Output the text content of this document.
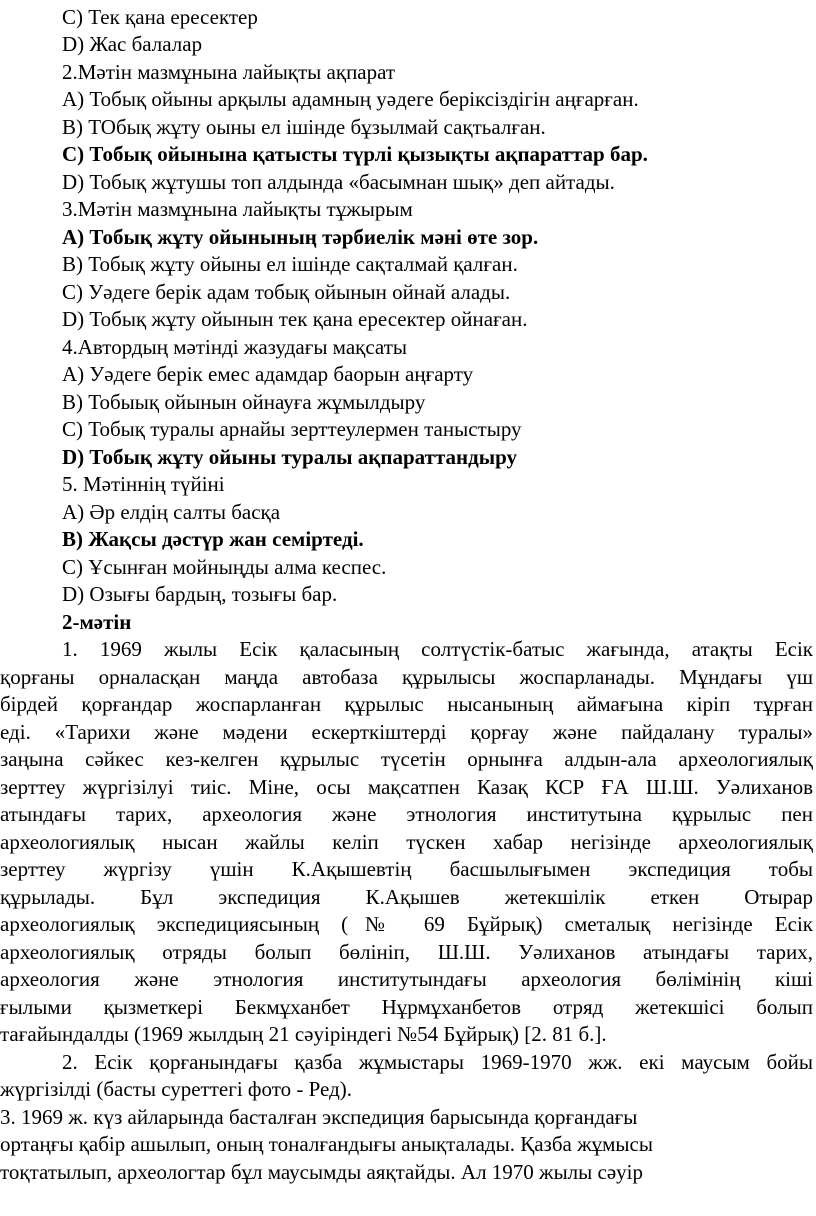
C) Тек қана ересектер
D) Жас балалар
2.Мәтін мазмұнына лайықты ақпарат
A) Тобық ойыны арқылы адамның уәдеге беріксіздігін аңғарған.
B) ТОбық жұту оыны ел ішінде бұзылмай сақтьалған.
C) Тобық ойынына қатысты түрлі қызықты ақпараттар бар.
D) Тобық жұтушы топ алдында «басымнан шық» деп айтады.
3.Мәтін мазмұнына лайықты тұжырым
A) Тобық жұту ойынының тәрбиелік мәні өте зор.
B) Тобық жұту ойыны ел ішінде сақталмай қалған.
C) Уәдеге берік адам тобық ойынын ойнай алады.
D) Тобық жұту ойынын тек қана ересектер ойнаған.
4.Автордың мәтінді жазудағы мақсаты
A) Уәдеге берік емес адамдар баорын аңғарту
B) Тобыық ойынын ойнауға жұмылдыру
C) Тобық туралы арнайы зерттеулермен таныстыру
D) Тобық жұту ойыны туралы ақпараттандыру
5. Мәтіннің түйіні
A) Әр елдің салты басқа
B) Жақсы дәстүр жан семіртеді.
C) Ұсынған мойныңды алма кеспес.
D) Озығы бардың, тозығы бар.
2-мәтін
1. 1969 жылы Есік қаласының солтүстік-батыс жағында, атақты Есік
қорғаны орналасқан маңда автобаза құрылысы жоспарланады. Мұндағы үш
бірдей қорғандар жоспарланған құрылыс нысанының аймағына кіріп тұрған
еді. «Тарихи және мәдени ескерткіштерді қорғау және пайдалану туралы»
заңына сәйкес кез-келген құрылыс түсетін орнынға алдын-ала археологиялық
зерттеу жүргізілуі тиіс. Міне, осы мақсатпен Казақ КСР ҒА Ш.Ш. Уәлиханов
атындағы тарих, археология және этнология институтына құрылыс пен
археологиялық нысан жайлы келіп түскен хабар негізінде археологиялық
зерттеу жүргізу үшін К.Ақышевтің басшылығымен экспедиция тобы
құрылады. Бұл экспедиция К.Ақышев жетекшілік еткен Отырар
археологиялық экспедициясының (№ 69 Бұйрық) сметалық негізінде Есік
археологиялық отряды болып бөлініп, Ш.Ш. Уәлиханов атындағы тарих,
археология және этнология институтындағы археология бөлімінің кіші
ғылыми қызметкері Бекмұханбет Нұрмұханбетов отряд жетекшісі болып
тағайындалды (1969 жылдың 21 сәуіріндегі №54 Бұйрық) [2. 81 б.].
2. Есік қорғанындағы қазба жұмыстары 1969-1970 жж. екі маусым бойы
жүргізілді (басты суреттегі фото - Ред).
3. 1969 ж. күз айларында басталған экспедиция барысында қорғандағы
ортаңғы қабір ашылып, оның тоналғандығы анықталады. Қазба жұмысы
тоқтатылып, археологтар бұл маусымды аяқтайды. Ал 1970 жылы сәуір
